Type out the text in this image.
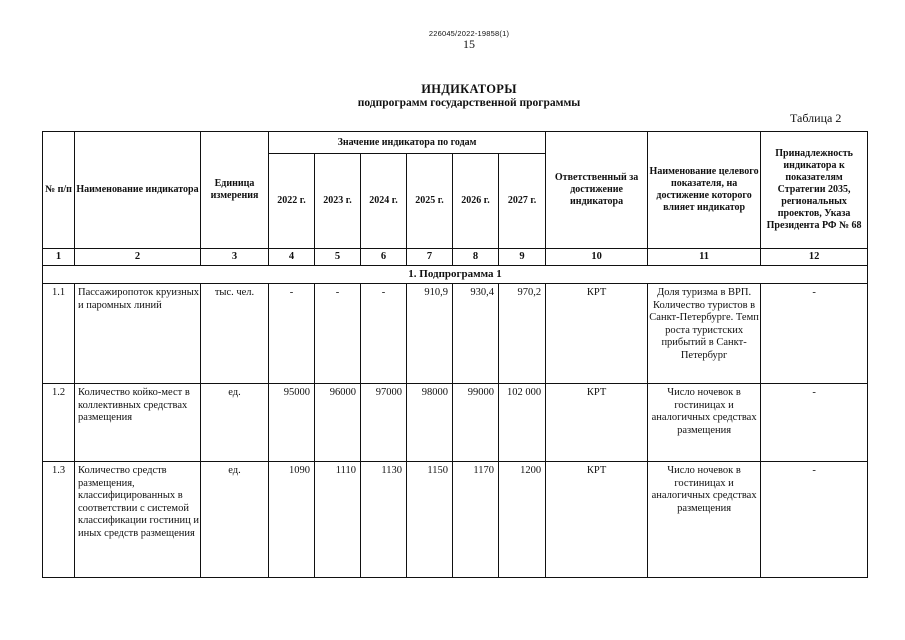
226045/2022-19858(1)
15
ИНДИКАТОРЫ
подпрограмм государственной программы
Таблица 2
№ п/п	Наименование индикатора	Единица измерения	Значение индикатора по годам						Ответственный за достижение индикатора	Наименование целевого показателя, на достижение которого влияет индикатор	Принадлежность индикатора к показателям Стратегии 2035, региональных проектов, Указа Президента РФ № 68
			2022 г.	2023 г.	2024 г.	2025 г.	2026 г.	2027 г.			
1	2	3	4	5	6	7	8	9	10	11	12
1. Подпрограмма 1											
1.1	Пассажиропоток круизных и паромных линий	тыс. чел.	-	-	-	910,9	930,4	970,2	КРТ	Доля туризма в ВРП. Количество туристов в Санкт-Петербурге. Темп роста туристских прибытий в Санкт-Петербург	-
1.2	Количество койко-мест в коллективных средствах размещения	ед.	95000	96000	97000	98000	99000	102 000	КРТ	Число ночевок в гостиницах и аналогичных средствах размещения	-
1.3	Количество средств размещения, классифицированных в соответствии с системой классификации гостиниц и иных средств размещения	ед.	1090	1110	1130	1150	1170	1200	КРТ	Число ночевок в гостиницах и аналогичных средствах размещения	-
